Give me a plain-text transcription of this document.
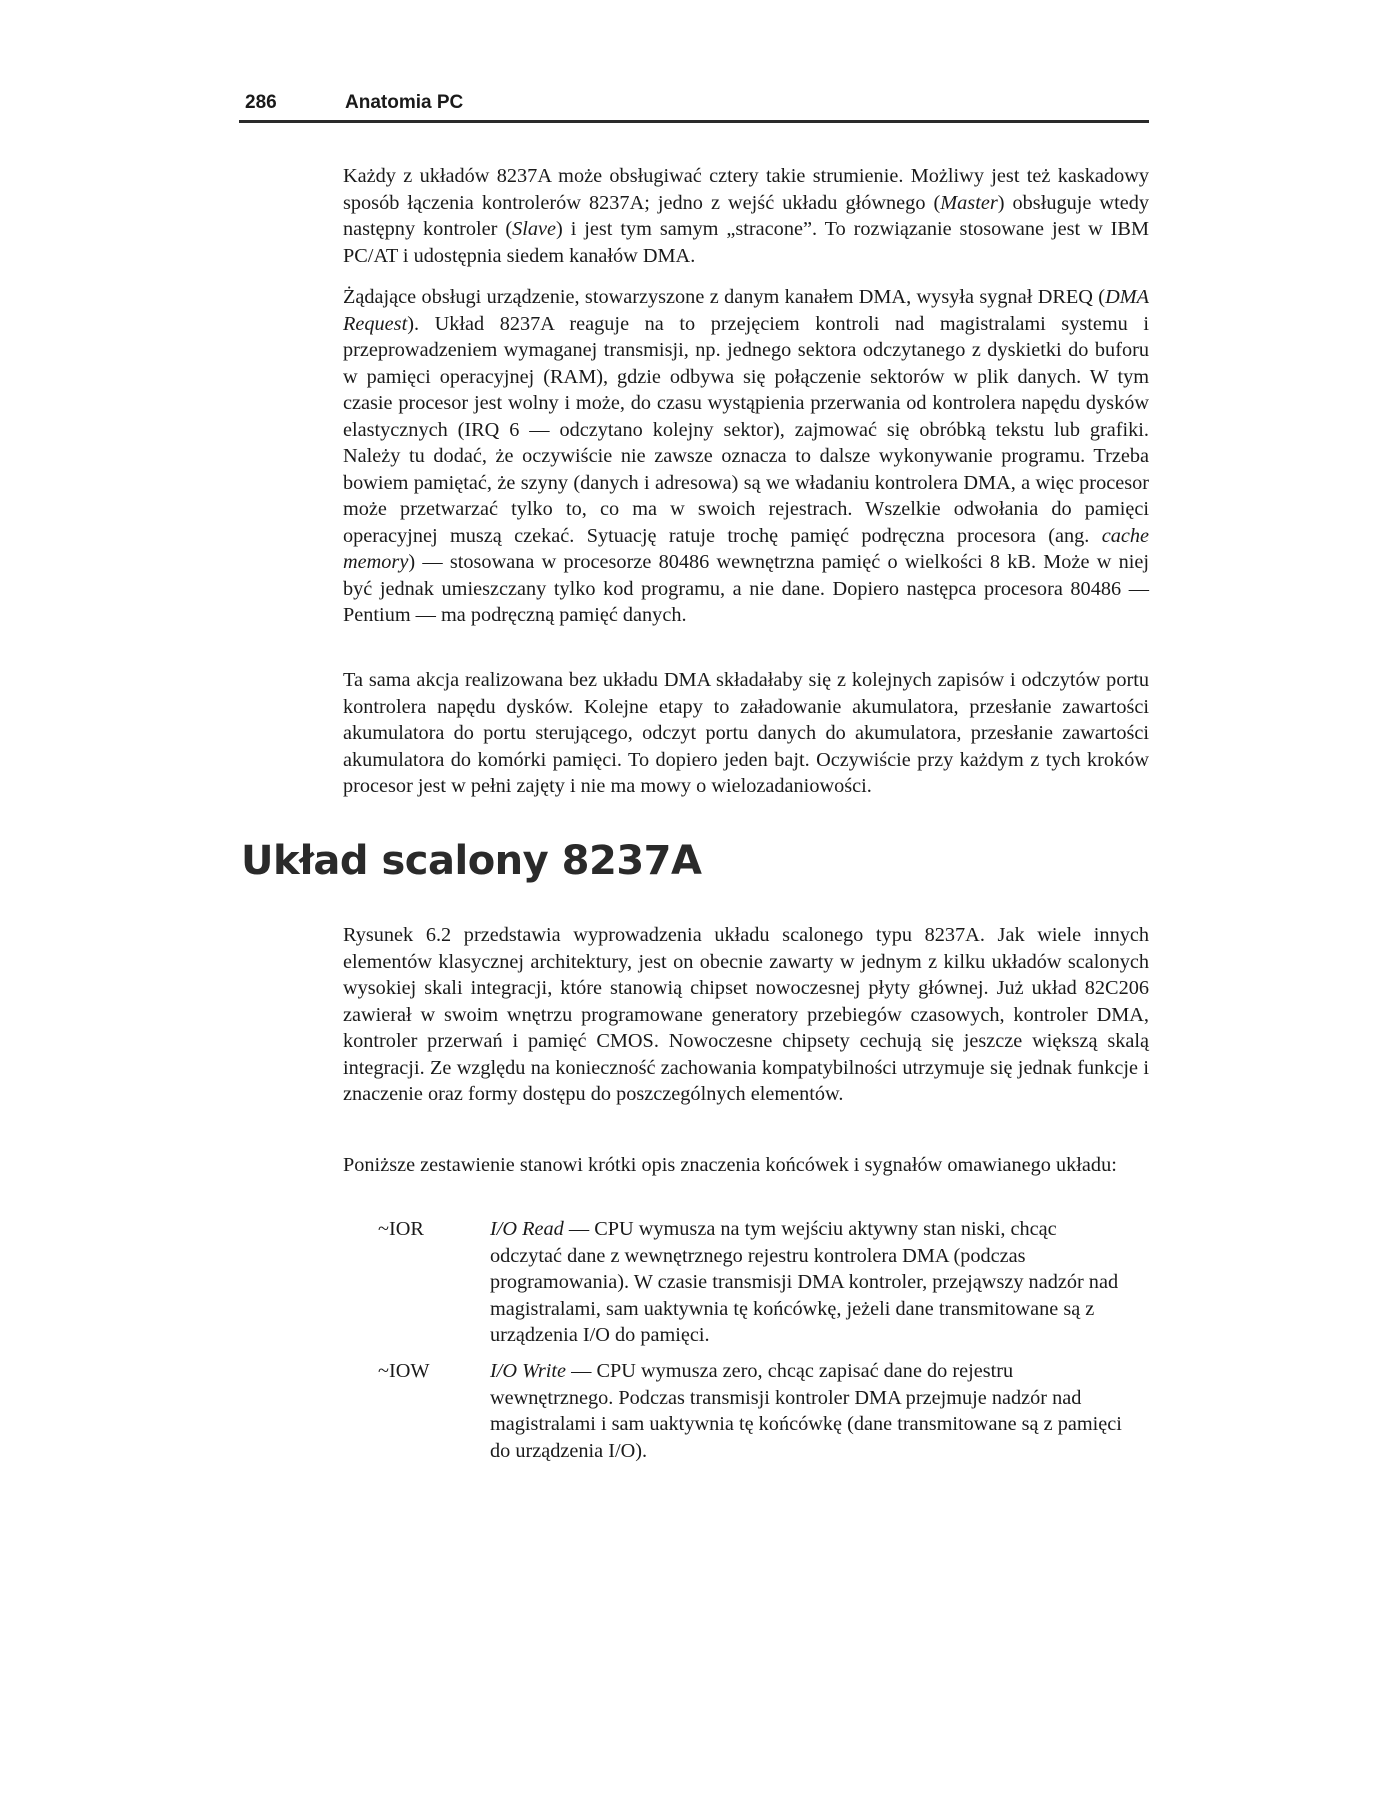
286	Anatomia PC

Każdy z układów 8237A może obsługiwać cztery takie strumienie. Możliwy jest też kaskadowy sposób łączenia kontrolerów 8237A; jedno z wejść układu głównego (Master) obsługuje wtedy następny kontroler (Slave) i jest tym samym „stracone”. To rozwiązanie stosowane jest w IBM PC/AT i udostępnia siedem kanałów DMA.

Żądające obsługi urządzenie, stowarzyszone z danym kanałem DMA, wysyła sygnał DREQ (DMA Request). Układ 8237A reaguje na to przejęciem kontroli nad magistralami systemu i przeprowadzeniem wymaganej transmisji, np. jednego sektora odczytanego z dyskietki do buforu w pamięci operacyjnej (RAM), gdzie odbywa się połączenie sektorów w plik danych. W tym czasie procesor jest wolny i może, do czasu wystąpienia przerwania od kontrolera napędu dysków elastycznych (IRQ 6 — odczytano kolejny sektor), zajmować się obróbką tekstu lub grafiki. Należy tu dodać, że oczywiście nie zawsze oznacza to dalsze wykonywanie programu. Trzeba bowiem pamiętać, że szyny (danych i adresowa) są we władaniu kontrolera DMA, a więc procesor może przetwarzać tylko to, co ma w swoich rejestrach. Wszelkie odwołania do pamięci operacyjnej muszą czekać. Sytuację ratuje trochę pamięć podręczna procesora (ang. cache memory) — stosowana w procesorze 80486 wewnętrzna pamięć o wielkości 8 kB. Może w niej być jednak umieszczany tylko kod programu, a nie dane. Dopiero następca procesora 80486 — Pentium — ma podręczną pamięć danych.

Ta sama akcja realizowana bez układu DMA składałaby się z kolejnych zapisów i odczytów portu kontrolera napędu dysków. Kolejne etapy to załadowanie akumulatora, przesłanie zawartości akumulatora do portu sterującego, odczyt portu danych do akumulatora, przesłanie zawartości akumulatora do komórki pamięci. To dopiero jeden bajt. Oczywiście przy każdym z tych kroków procesor jest w pełni zajęty i nie ma mowy o wielozadaniowości.

Układ scalony 8237A

Rysunek 6.2 przedstawia wyprowadzenia układu scalonego typu 8237A. Jak wiele innych elementów klasycznej architektury, jest on obecnie zawarty w jednym z kilku układów scalonych wysokiej skali integracji, które stanowią chipset nowoczesnej płyty głównej. Już układ 82C206 zawierał w swoim wnętrzu programowane generatory przebiegów czasowych, kontroler DMA, kontroler przerwań i pamięć CMOS. Nowoczesne chipsety cechują się jeszcze większą skalą integracji. Ze względu na konieczność zachowania kompatybilności utrzymuje się jednak funkcje i znaczenie oraz formy dostępu do poszczególnych elementów.

Poniższe zestawienie stanowi krótki opis znaczenia końcówek i sygnałów omawianego układu:

~IOR	I/O Read — CPU wymusza na tym wejściu aktywny stan niski, chcąc odczytać dane z wewnętrznego rejestru kontrolera DMA (podczas programowania). W czasie transmisji DMA kontroler, przejąwszy nadzór nad magistralami, sam uaktywnia tę końcówkę, jeżeli dane transmitowane są z urządzenia I/O do pamięci.

~IOW	I/O Write — CPU wymusza zero, chcąc zapisać dane do rejestru wewnętrznego. Podczas transmisji kontroler DMA przejmuje nadzór nad magistralami i sam uaktywnia tę końcówkę (dane transmitowane są z pamięci do urządzenia I/O).
